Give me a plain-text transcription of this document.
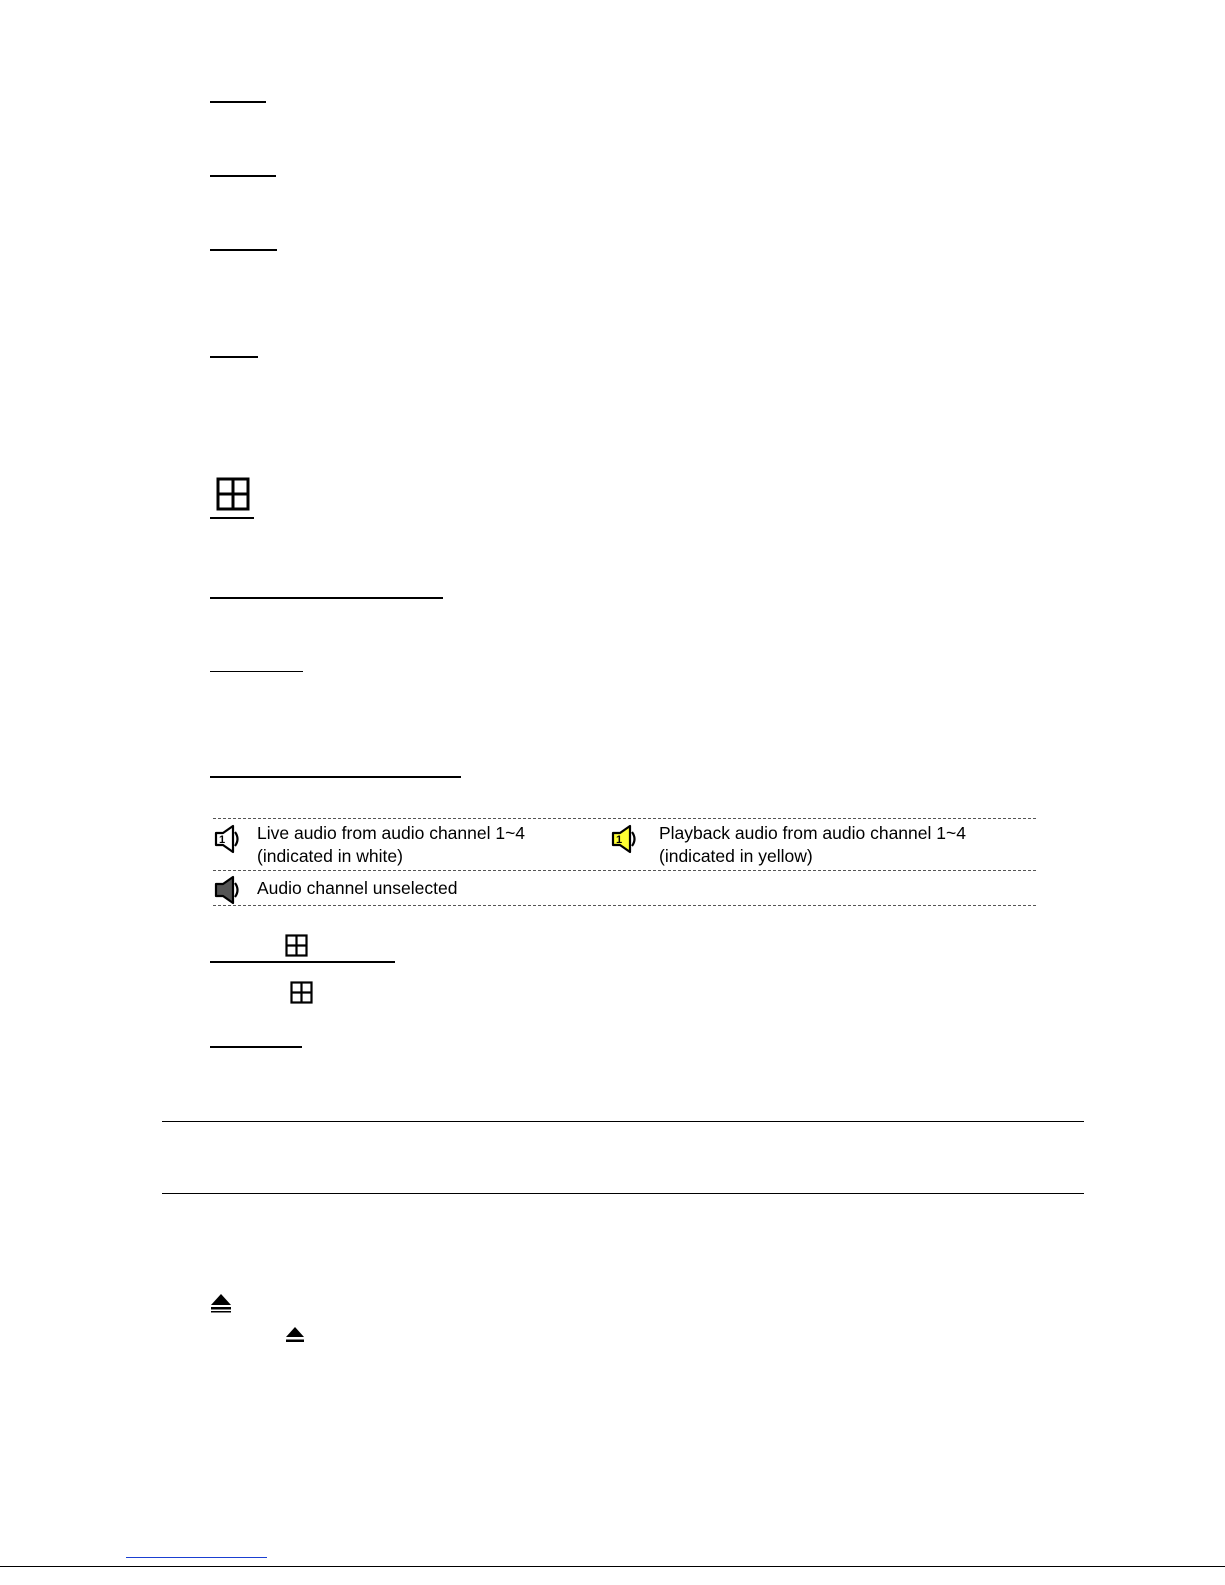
1 Live audio from audio channel 1~4
(indicated in white)
1 Playback audio from audio channel 1~4
(indicated in yellow)
Audio channel unselected
